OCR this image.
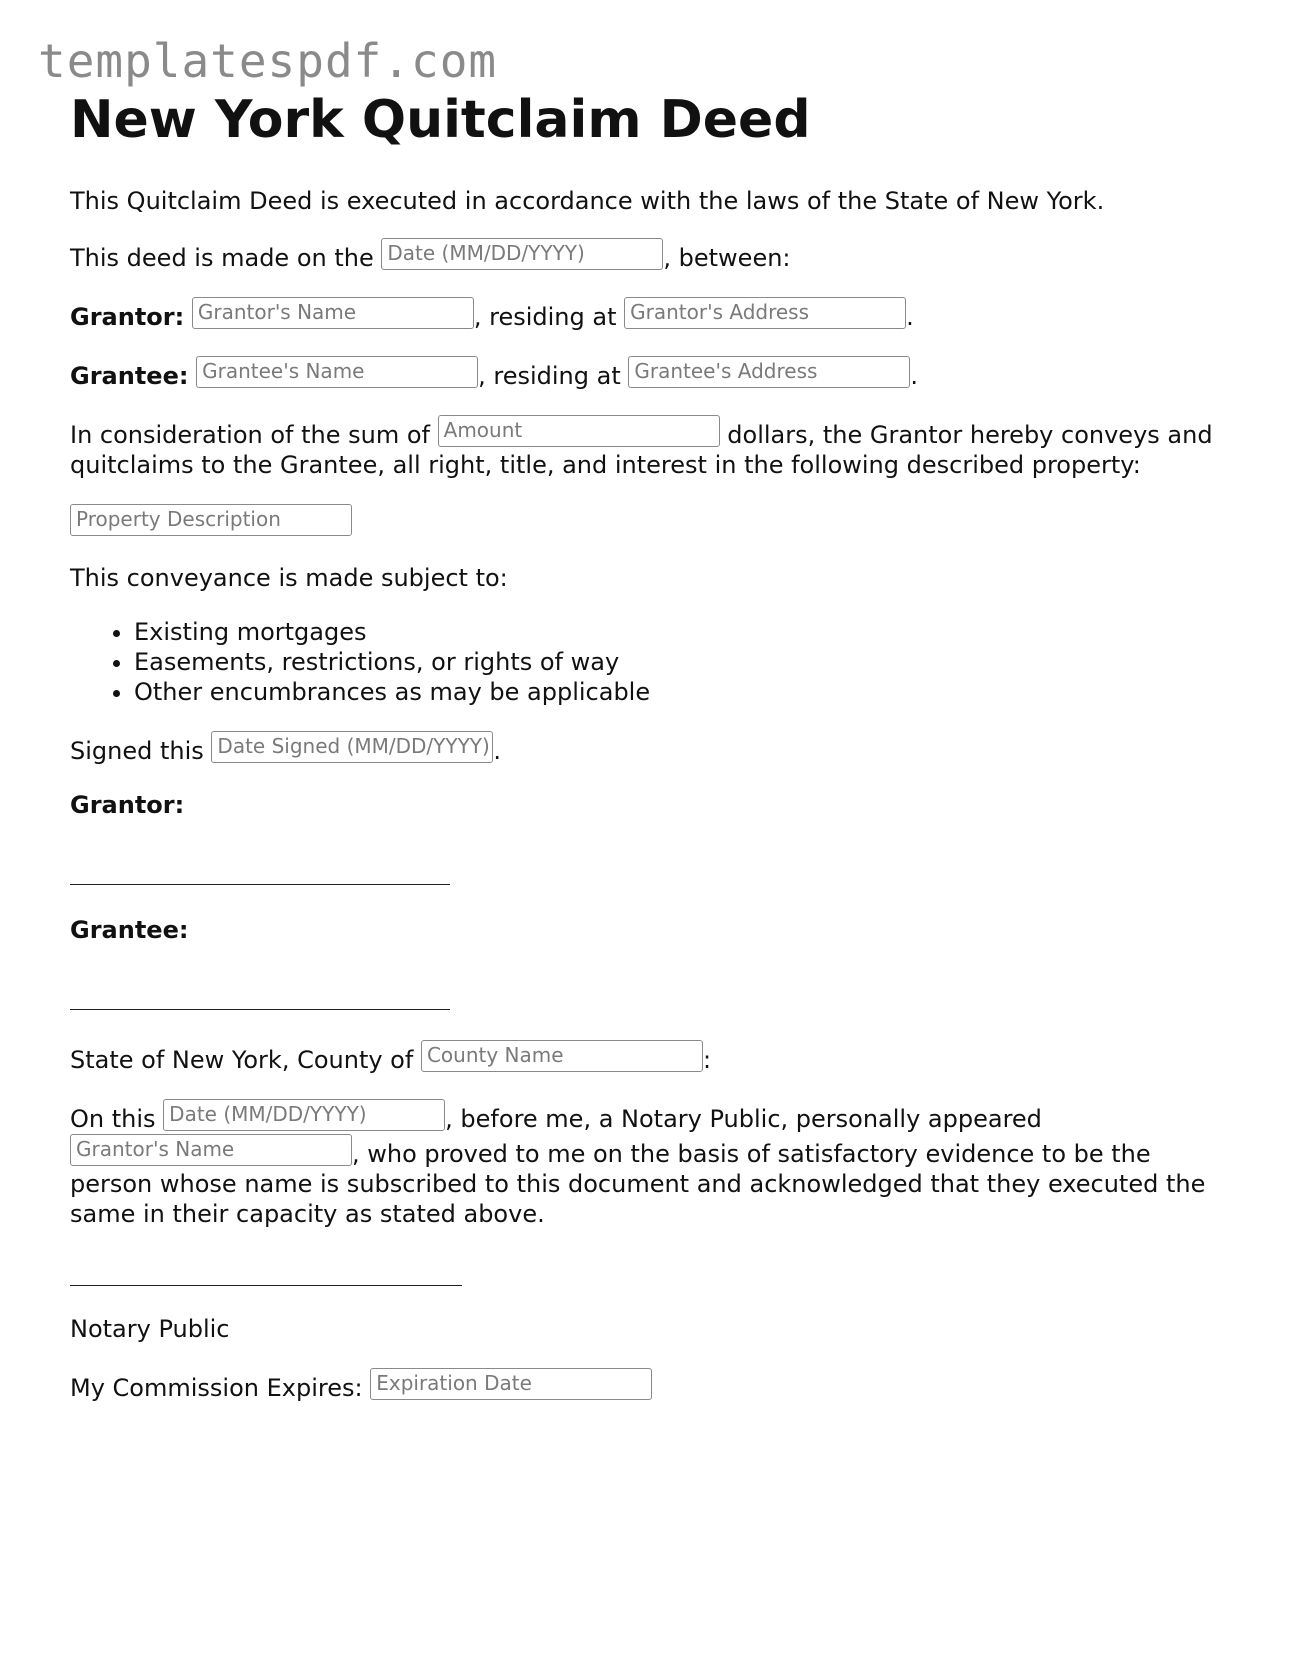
templatespdf.com
New York Quitclaim Deed

This Quitclaim Deed is executed in accordance with the laws of the State of New York.

This deed is made on the Date (MM/DD/YYYY)	, between:

Grantor: Grantor's Name	, residing at Grantor's Address	.

Grantee: Grantee's Name	, residing at Grantee's Address	.

In consideration of the sum of Amount	dollars, the Grantor hereby conveys and quitclaims to the Grantee, all right, title, and interest in the following described property:

Property Description

This conveyance is made subject to:

• Existing mortgages
• Easements, restrictions, or rights of way
• Other encumbrances as may be applicable

Signed this Date Signed (MM/DD/YYYY) .

Grantor:

Grantee:

State of New York, County of County Name	:

On this Date (MM/DD/YYYY)	, before me, a Notary Public, personally appeared Grantor's Name	, who proved to me on the basis of satisfactory evidence to be the person whose name is subscribed to this document and acknowledged that they executed the same in their capacity as stated above.

Notary Public

My Commission Expires: Expiration Date
